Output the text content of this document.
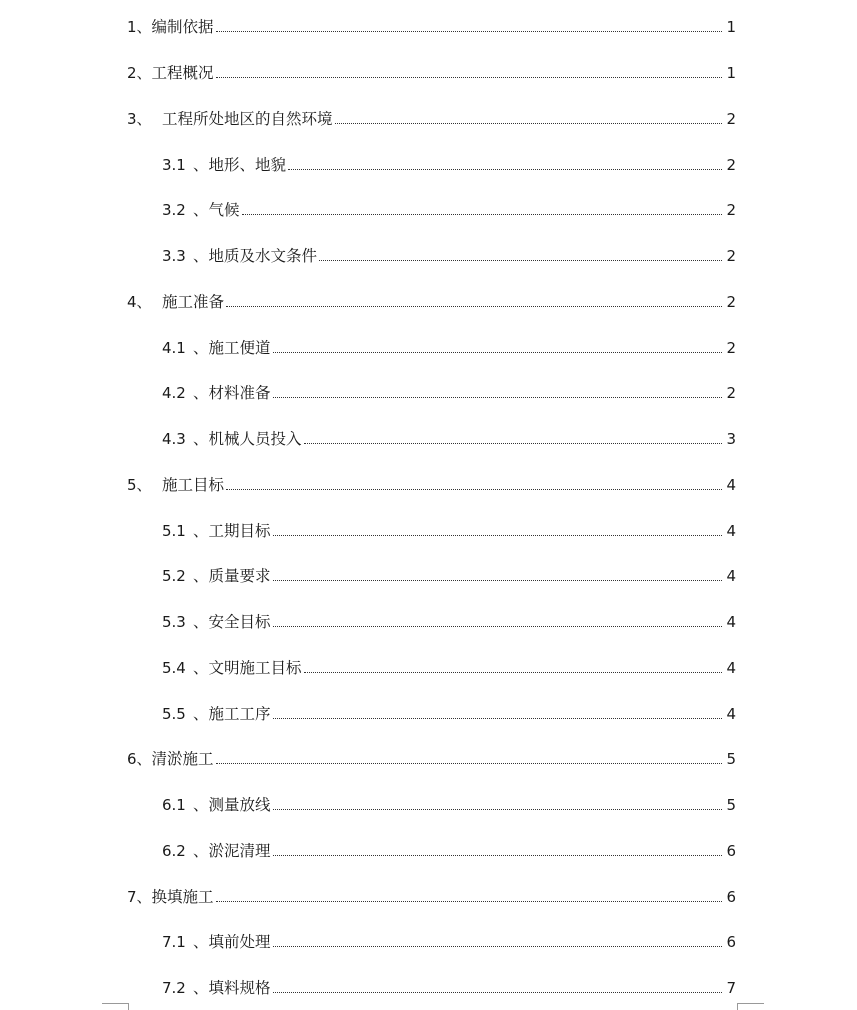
1、 编制依据	1
2、 工程概况	1
3、 工程所处地区的自然环境	2
3.1 、地形、地貌	2
3.2 、气候	2
3.3 、地质及水文条件	2
4、 施工准备	2
4.1 、施工便道	2
4.2 、材料准备	2
4.3 、机械人员投入	3
5、 施工目标	4
5.1 、工期目标	4
5.2 、质量要求	4
5.3 、安全目标	4
5.4 、文明施工目标	4
5.5 、施工工序	4
6、 清淤施工	5
6.1 、测量放线	5
6.2 、淤泥清理	6
7、 换填施工	6
7.1 、填前处理	6
7.2 、填料规格	7
